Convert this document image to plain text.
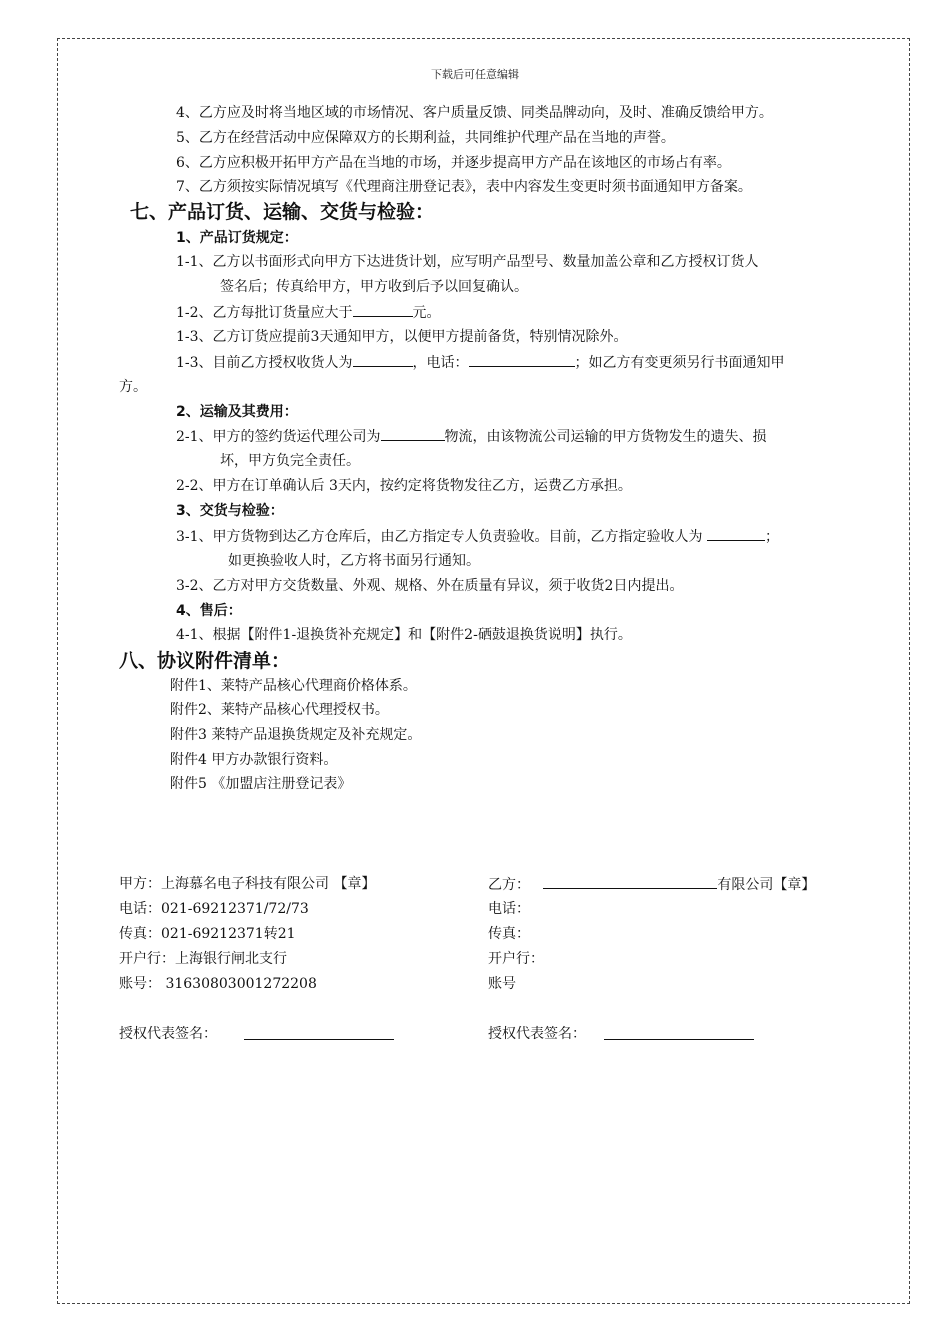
下载后可任意编辑
4、乙方应及时将当地区域的市场情况、客户质量反馈、同类品牌动向，及时、准确反馈给甲方。
5、乙方在经营活动中应保障双方的长期利益，共同维护代理产品在当地的声誉。
6、乙方应积极开拓甲方产品在当地的市场，并逐步提高甲方产品在该地区的市场占有率。
7、乙方须按实际情况填写《代理商注册登记表》，表中内容发生变更时须书面通知甲方备案。
七、产品订货、运输、交货与检验：
1、产品订货规定：
1-1、乙方以书面形式向甲方下达进货计划，应写明产品型号、数量加盖公章和乙方授权订货人
签名后；传真给甲方，甲方收到后予以回复确认。
1-2、乙方每批订货量应大于	元。
1-3、乙方订货应提前3天通知甲方，以便甲方提前备货，特别情况除外。
1-3、目前乙方授权收货人为	，电话：	；如乙方有变更须另行书面通知甲
方。
2、运输及其费用：
2-1、甲方的签约货运代理公司为	物流，由该物流公司运输的甲方货物发生的遗失、损
坏，甲方负完全责任。
2-2、甲方在订单确认后 3天内，按约定将货物发往乙方，运费乙方承担。
3、交货与检验：
3-1、甲方货物到达乙方仓库后，由乙方指定专人负责验收。目前，乙方指定验收人为	；
如更换验收人时，乙方将书面另行通知。
3-2、乙方对甲方交货数量、外观、规格、外在质量有异议，须于收货2日内提出。
4、售后：
4-1、根据【附件1-退换货补充规定】和【附件2-硒鼓退换货说明】执行。
八、协议附件清单：
附件1、莱特产品核心代理商价格体系。
附件2、莱特产品核心代理授权书。
附件3 莱特产品退换货规定及补充规定。
附件4 甲方办款银行资料。
附件5 《加盟店注册登记表》
甲方：上海慕名电子科技有限公司 【章】
电话：021-69212371/72/73
传真：021-69212371转21
开户行：上海银行闸北支行
账号： 31630803001272208
授权代表签名：
乙方：	有限公司【章】
电话：
传真：
开户行：
账号
授权代表签名：
